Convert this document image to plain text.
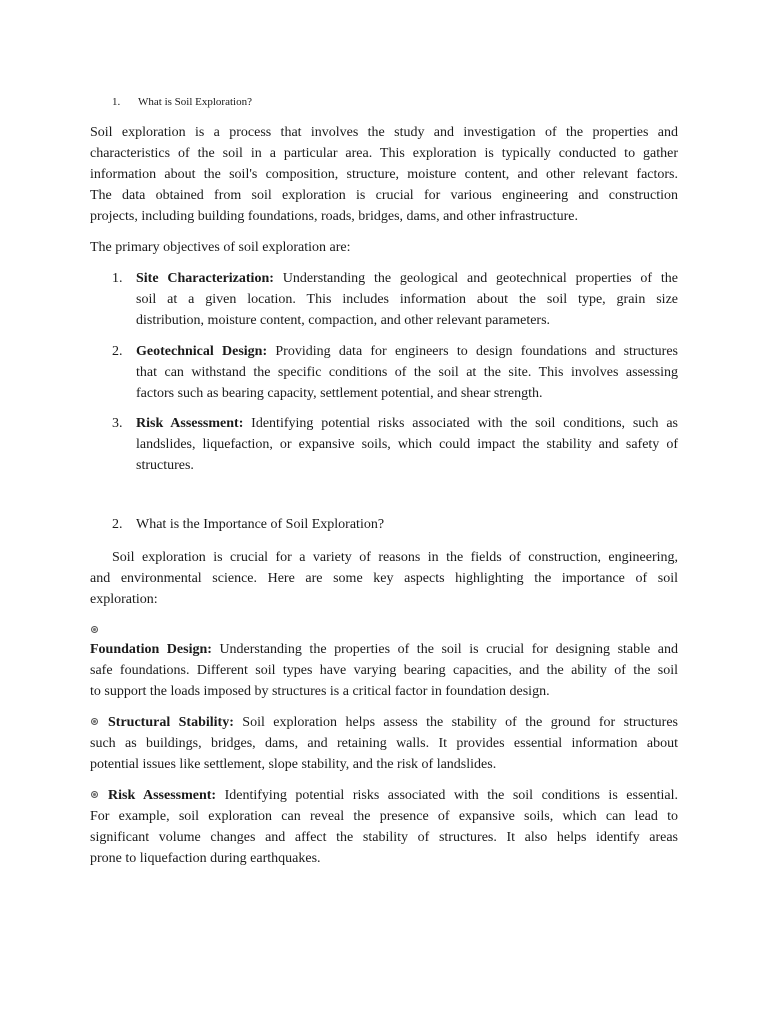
1. What is Soil Exploration?
Soil exploration is a process that involves the study and investigation of the properties and
characteristics of the soil in a particular area. This exploration is typically conducted to gather
information about the soil's composition, structure, moisture content, and other relevant factors.
The data obtained from soil exploration is crucial for various engineering and construction
projects, including building foundations, roads, bridges, dams, and other infrastructure.
The primary objectives of soil exploration are:
1. Site Characterization: Understanding the geological and geotechnical properties of the
soil at a given location. This includes information about the soil type, grain size
distribution, moisture content, compaction, and other relevant parameters.
2. Geotechnical Design: Providing data for engineers to design foundations and structures
that can withstand the specific conditions of the soil at the site. This involves assessing
factors such as bearing capacity, settlement potential, and shear strength.
3. Risk Assessment: Identifying potential risks associated with the soil conditions, such as
landslides, liquefaction, or expansive soils, which could impact the stability and safety of
structures.
2. What is the Importance of Soil Exploration?
Soil exploration is crucial for a variety of reasons in the fields of construction, engineering,
and environmental science. Here are some key aspects highlighting the importance of soil
exploration:
Foundation Design: Understanding the properties of the soil is crucial for designing stable and
safe foundations. Different soil types have varying bearing capacities, and the ability of the soil
to support the loads imposed by structures is a critical factor in foundation design.
Structural Stability: Soil exploration helps assess the stability of the ground for structures
such as buildings, bridges, dams, and retaining walls. It provides essential information about
potential issues like settlement, slope stability, and the risk of landslides.
Risk Assessment: Identifying potential risks associated with the soil conditions is essential.
For example, soil exploration can reveal the presence of expansive soils, which can lead to
significant volume changes and affect the stability of structures. It also helps identify areas
prone to liquefaction during earthquakes.
